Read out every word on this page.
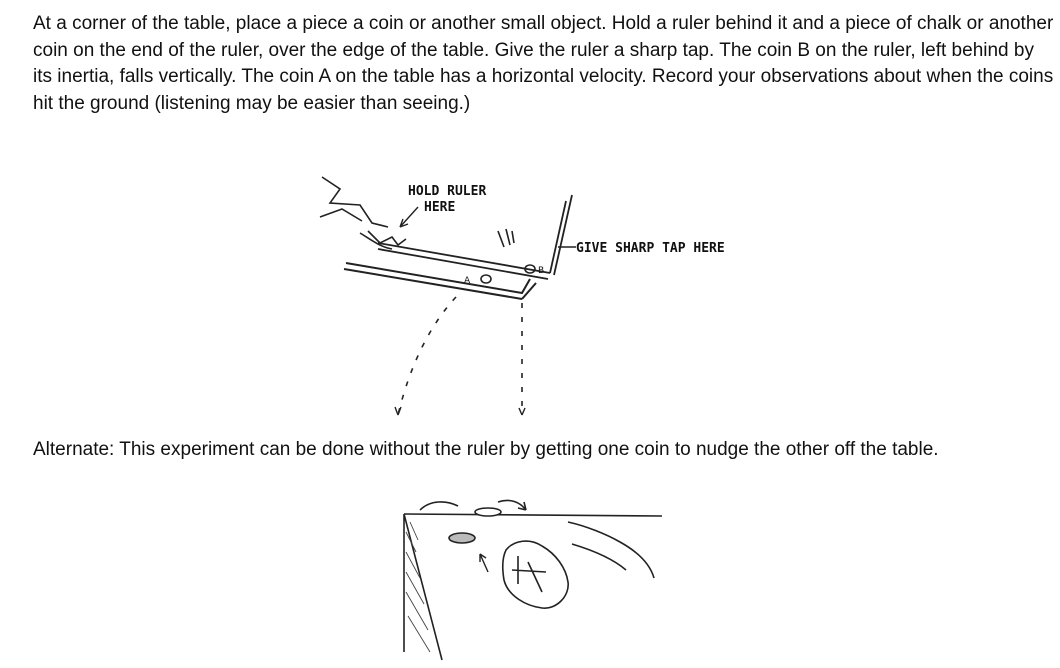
At a corner of the table, place a piece a coin or another small object. Hold a ruler behind it and a piece of chalk or another coin on the end of the ruler, over the edge of the table. Give the ruler a sharp tap. The coin B on the ruler, left behind by its inertia, falls vertically. The coin A on the table has a horizontal velocity. Record your observations about when the coins hit the ground (listening may be easier than seeing.)

A
B
HOLD RULER
HERE
GIVE SHARP TAP HERE

Alternate: This experiment can be done without the ruler by getting one coin to nudge the other off the table.
